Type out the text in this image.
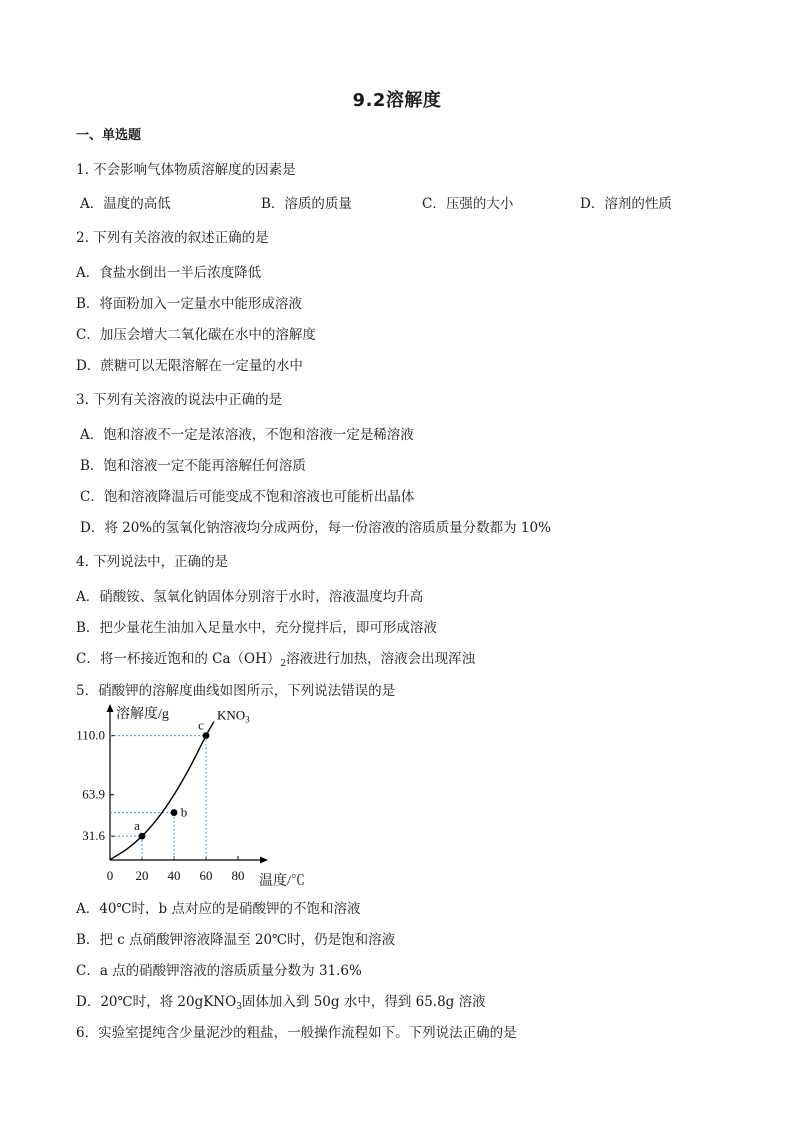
9.2溶解度
一、单选题
1. 不会影响气体物质溶解度的因素是
A．温度的高低	B．溶质的质量	C．压强的大小	D．溶剂的性质
2. 下列有关溶液的叙述正确的是
A．食盐水倒出一半后浓度降低
B．将面粉加入一定量水中能形成溶液
C．加压会增大二氧化碳在水中的溶解度
D．蔗糖可以无限溶解在一定量的水中
3. 下列有关溶液的说法中正确的是
A．饱和溶液不一定是浓溶液，不饱和溶液一定是稀溶液
B．饱和溶液一定不能再溶解任何溶质
C．饱和溶液降温后可能变成不饱和溶液也可能析出晶体
D．将 20%的氢氧化钠溶液均分成两份，每一份溶液的溶质质量分数都为 10%
4. 下列说法中，正确的是
A．硝酸铵、氢氧化钠固体分别溶于水时，溶液温度均升高
B．把少量花生油加入足量水中，充分搅拌后，即可形成溶液
C．将一杯接近饱和的 $Ca(OH)_2$溶液进行加热，溶液会出现浑浊
5．硝酸钾的溶解度曲线如图所示，下列说法错误的是
溶解度/g
温度/℃
0 20 40 60 80
31.6
63.9
110.0
$KNO_3$
a
b
c
A．40℃时，b 点对应的是硝酸钾的不饱和溶液
B．把 c 点硝酸钾溶液降温至 20℃时，仍是饱和溶液
C．a 点的硝酸钾溶液的溶质质量分数为 31.6%
D．20℃时，将 20gKNO$_3$固体加入到 50g 水中，得到 65.8g 溶液
6．实验室提纯含少量泥沙的粗盐，一般操作流程如下。下列说法正确的是
